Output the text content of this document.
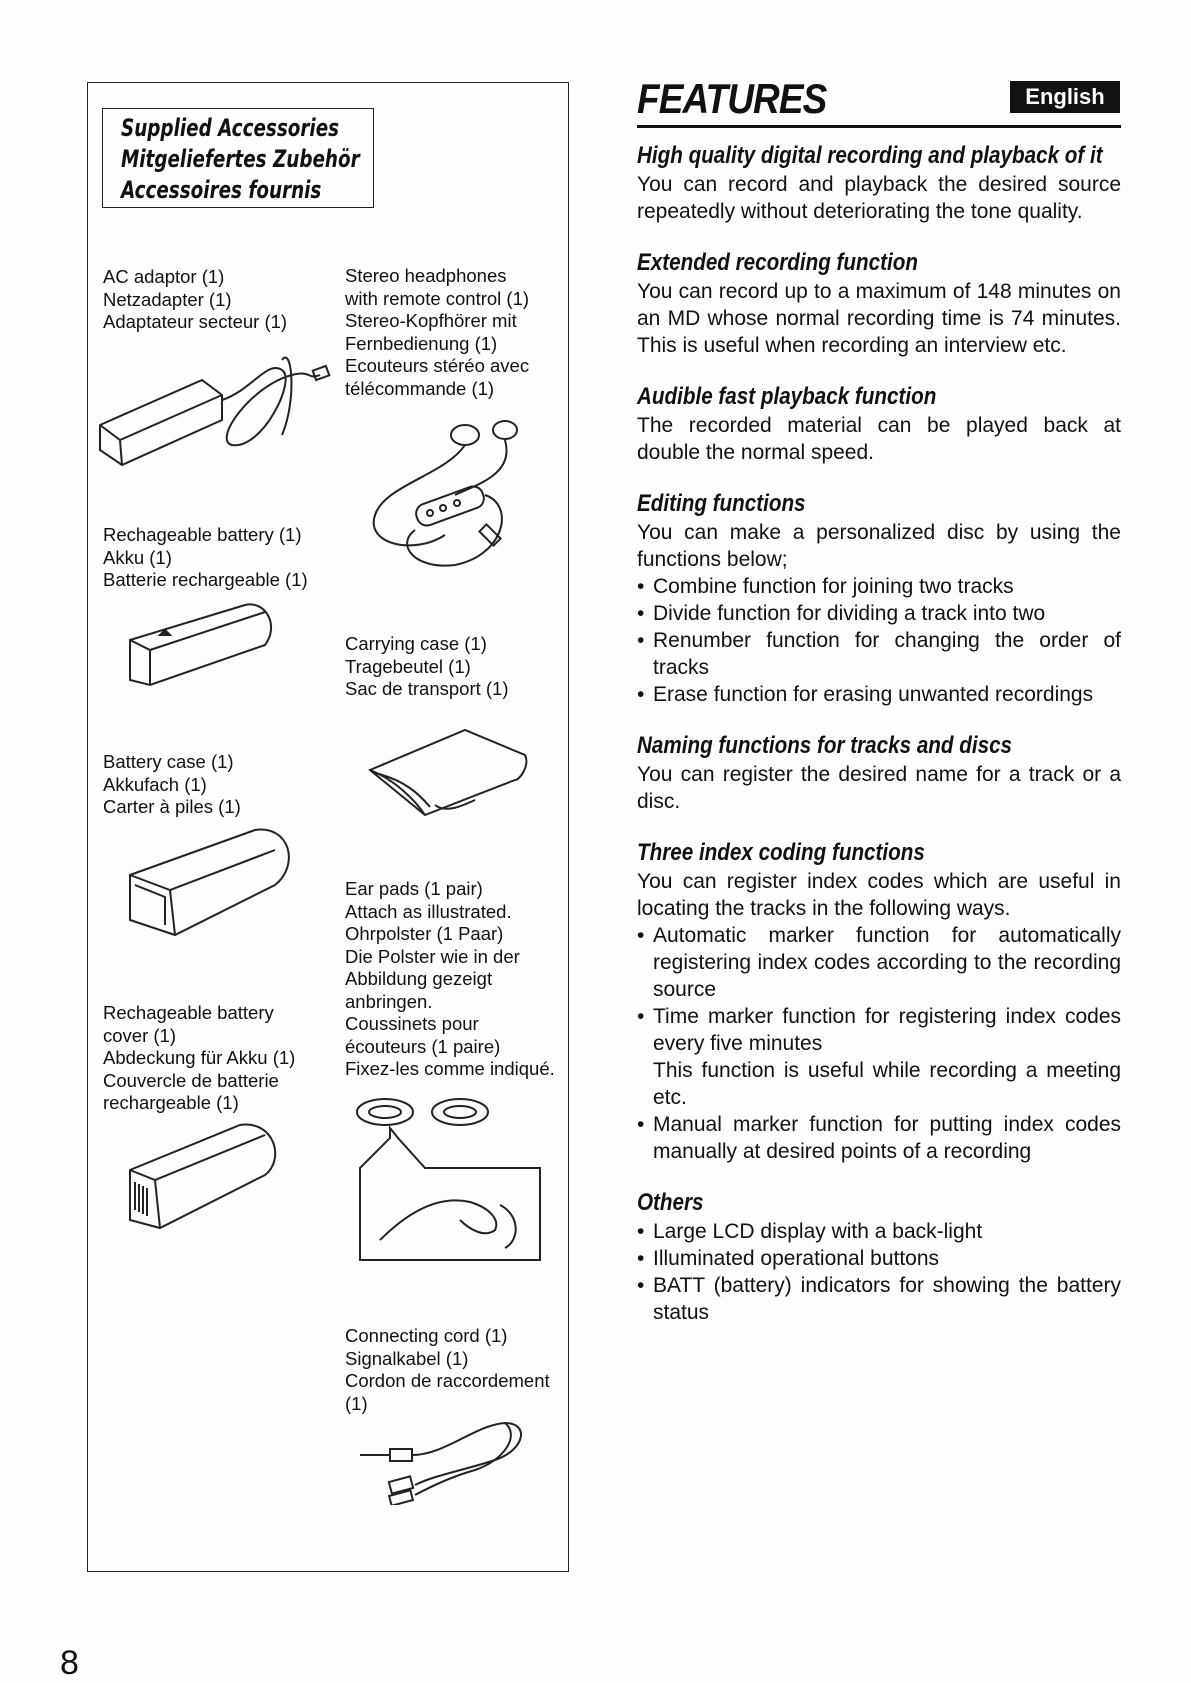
Supplied Accessories
Mitgeliefertes Zubehör
Accessoires fournis
AC adaptor (1)
Netzadapter (1)
Adaptateur secteur (1)
Stereo headphones
with remote control (1)
Stereo-Kopfhörer mit
Fernbedienung (1)
Ecouteurs stéréo avec
télécommande (1)
Rechageable battery (1)
Akku (1)
Batterie rechargeable (1)
Carrying case (1)
Tragebeutel (1)
Sac de transport (1)
Battery case (1)
Akkufach (1)
Carter à piles (1)
Ear pads (1 pair)
Attach as illustrated.
Ohrpolster (1 Paar)
Die Polster wie in der
Abbildung gezeigt
anbringen.
Coussinets pour
écouteurs (1 paire)
Fixez-les comme indiqué.
Rechageable battery
cover (1)
Abdeckung für Akku (1)
Couvercle de batterie
rechargeable (1)
Connecting cord (1)
Signalkabel (1)
Cordon de raccordement
(1)
FEATURES	English
High quality digital recording and playback of it
You can record and playback the desired source repeatedly without deteriorating the tone quality.
Extended recording function
You can record up to a maximum of 148 minutes on an MD whose normal recording time is 74 minutes. This is useful when recording an interview etc.
Audible fast playback function
The recorded material can be played back at double the normal speed.
Editing functions
You can make a personalized disc by using the functions below;
• Combine function for joining two tracks
• Divide function for dividing a track into two
• Renumber function for changing the order of tracks
• Erase function for erasing unwanted recordings
Naming functions for tracks and discs
You can register the desired name for a track or a disc.
Three index coding functions
You can register index codes which are useful in locating the tracks in the following ways.
• Automatic marker function for automatically registering index codes according to the recording source
• Time marker function for registering index codes every five minutes
This function is useful while recording a meeting etc.
• Manual marker function for putting index codes manually at desired points of a recording
Others
• Large LCD display with a back-light
• Illuminated operational buttons
• BATT (battery) indicators for showing the battery status
8
